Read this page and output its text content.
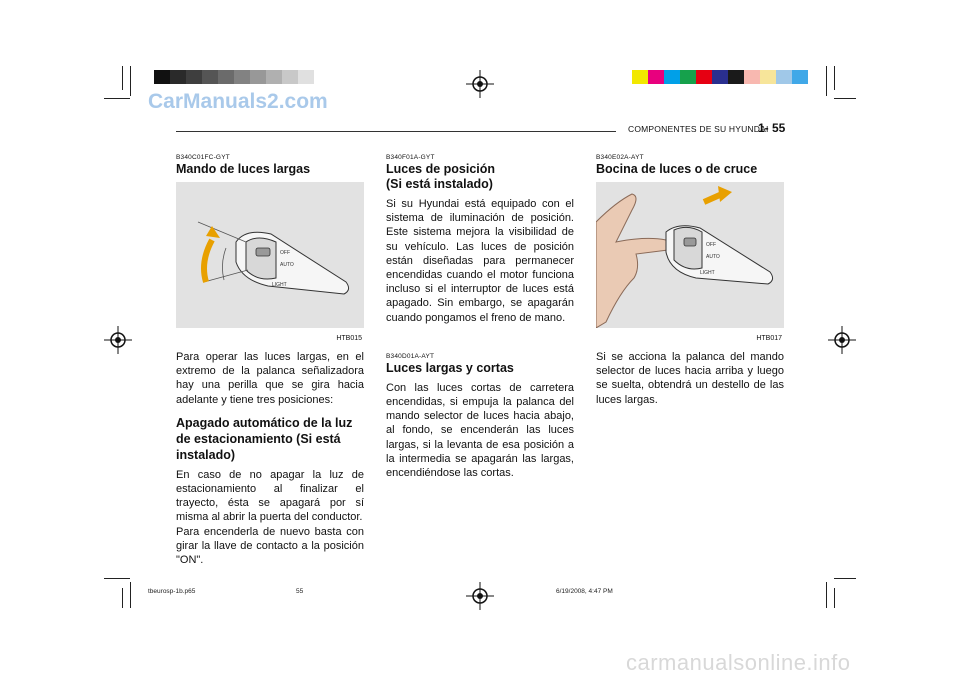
CarManuals2.com
COMPONENTES DE SU HYUNDAI
1- 55
B340C01FC-GYT
Mando de luces largas
OFF
AUTO
LIGHT
HTB015

Para operar las luces largas, en el extremo de la palanca señalizadora hay una perilla que se gira hacia adelante y tiene tres posiciones:

Apagado automático de la luz de estacionamiento (Si está instalado)

En caso de no apagar la luz de estacionamiento al finalizar el trayecto, ésta se apagará por sí misma al abrir la puerta del conductor.

Para encenderla de nuevo basta con girar la llave de contacto a la posición "ON".

B340F01A-GYT
Luces de posición
(Si está instalado)

Si su Hyundai está equipado con el sistema de iluminación de posición. Este sistema mejora la visibilidad de su vehículo. Las luces de posición están diseñadas para permanecer encendidas cuando el motor funciona incluso si el interruptor de luces está apagado. Sin embargo, se apagarán cuando pongamos el freno de mano.

B340D01A-AYT
Luces largas y cortas

Con las luces cortas de carretera encendidas, si empuja la palanca del mando selector de luces hacia abajo, al fondo, se encenderán las luces largas, si la levanta de esa posición a la intermedia se apagarán las largas, encendiéndose las cortas.

B340E02A-AYT
Bocina de luces o de cruce
OFF
AUTO
LIGHT
HTB017

Si se acciona la palanca del mando selector de luces hacia arriba y luego se suelta, obtendrá un destello de las luces largas.

tbeurosp-1b.p65	55	6/19/2008, 4:47 PM
carmanualsonline.info
